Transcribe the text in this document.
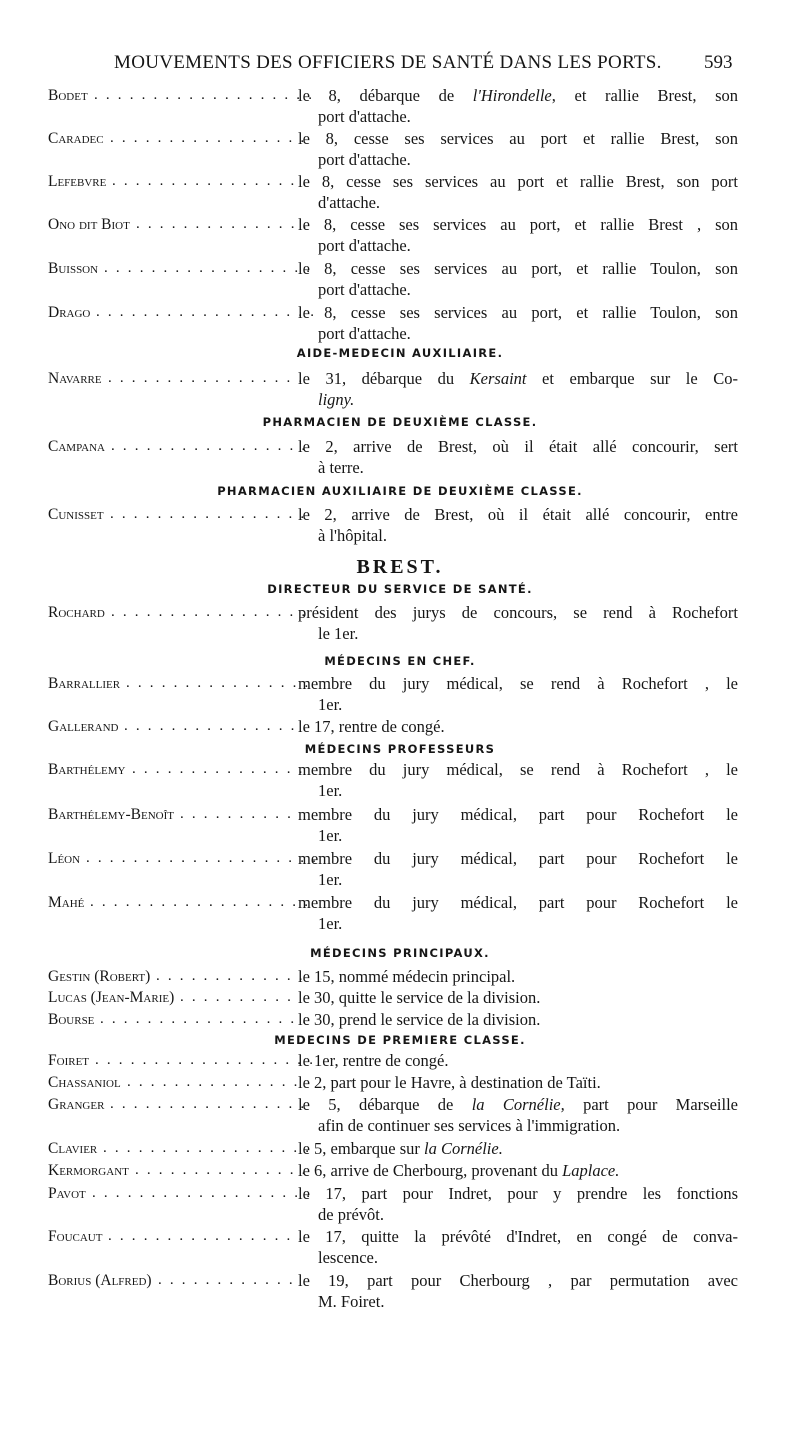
MOUVEMENTS DES OFFICIERS DE SANTÉ DANS LES PORTS. 593
BREST.
AIDE-MEDECIN AUXILIAIRE.
PHARMACIEN DE DEUXIÈME CLASSE.
PHARMACIEN AUXILIAIRE DE DEUXIÈME CLASSE.
DIRECTEUR DU SERVICE DE SANTÉ.
MÉDECINS EN CHEF.
MÉDECINS PROFESSEURS
MÉDECINS PRINCIPAUX.
MEDECINS DE PREMIERE CLASSE.
Bodet . . . . . . . . . . . . . . . . . . .
le 8, débarque de l'Hirondelle, et rallie Brest, son
port d'attache.
Caradec . . . . . . . . . . . . . . . . .
le 8, cesse ses services au port et rallie Brest, son
port d'attache.
Lefebvre . . . . . . . . . . . . . . . . .
le 8, cesse ses services au port et rallie Brest, son port
d'attache.
Ono dit Biot . . . . . . . . . . . . . . .
le 8, cesse ses services au port, et rallie Brest , son
port d'attache.
Buisson . . . . . . . . . . . . . . . . . .
le 8, cesse ses services au port, et rallie Toulon, son
port d'attache.
Drago . . . . . . . . . . . . . . . . . . .
le 8, cesse ses services au port, et rallie Toulon, son
port d'attache.
Navarre . . . . . . . . . . . . . . . . .
le 31, débarque du Kersaint et embarque sur le Co-
ligny.
Campana . . . . . . . . . . . . . . . . .
le 2, arrive de Brest, où il était allé concourir, sert
à terre.
Cunisset . . . . . . . . . . . . . . . . .
le 2, arrive de Brest, où il était allé concourir, entre
à l'hôpital.
Rochard . . . . . . . . . . . . . . . . .
président des jurys de concours, se rend à Rochefort
le 1er.
Barrallier . . . . . . . . . . . . . . . .
membre du jury médical, se rend à Rochefort , le
1er.
Gallerand . . . . . . . . . . . . . . . .
le 17, rentre de congé.
Barthélemy . . . . . . . . . . . . . . .
membre du jury médical, se rend à Rochefort , le
1er.
Barthélemy-Benoît . . . . . . . . . . membre du jury médical, part pour Rochefort le
1er.
Léon . . . . . . . . . . . . . . . . . . . .
membre du jury médical, part pour Rochefort le
1er.
Mahé . . . . . . . . . . . . . . . . . . .
membre du jury médical, part pour Rochefort le
1er.
Gestin (Robert) . . . . . . . . . . . . .
le 15, nommé médecin principal.
Lucas (Jean-Marie) . . . . . . . . . . le 30, quitte le service de la division.
Bourse . . . . . . . . . . . . . . . . . .
le 30, prend le service de la division.
Foiret . . . . . . . . . . . . . . . . . . .
le 1er, rentre de congé.
Chassaniol . . . . . . . . . . . . . . .
le 2, part pour le Havre, à destination de Taïti.
Granger . . . . . . . . . . . . . . . . .
le 5, débarque de la Cornélie, part pour Marseille
afin de continuer ses services à l'immigration.
Clavier . . . . . . . . . . . . . . . . . .
le 5, embarque sur la Cornélie.
Kermorgant . . . . . . . . . . . . . . .
le 6, arrive de Cherbourg, provenant du Laplace.
Pavot . . . . . . . . . . . . . . . . . . .
le 17, part pour Indret, pour y prendre les fonctions
de prévôt.
Foucaut . . . . . . . . . . . . . . . . .
le 17, quitte la prévôté d'Indret, en congé de conva-
lescence.
Borius (Alfred) . . . . . . . . . . . . le 19, part pour Cherbourg , par permutation avec
M. Foiret.
